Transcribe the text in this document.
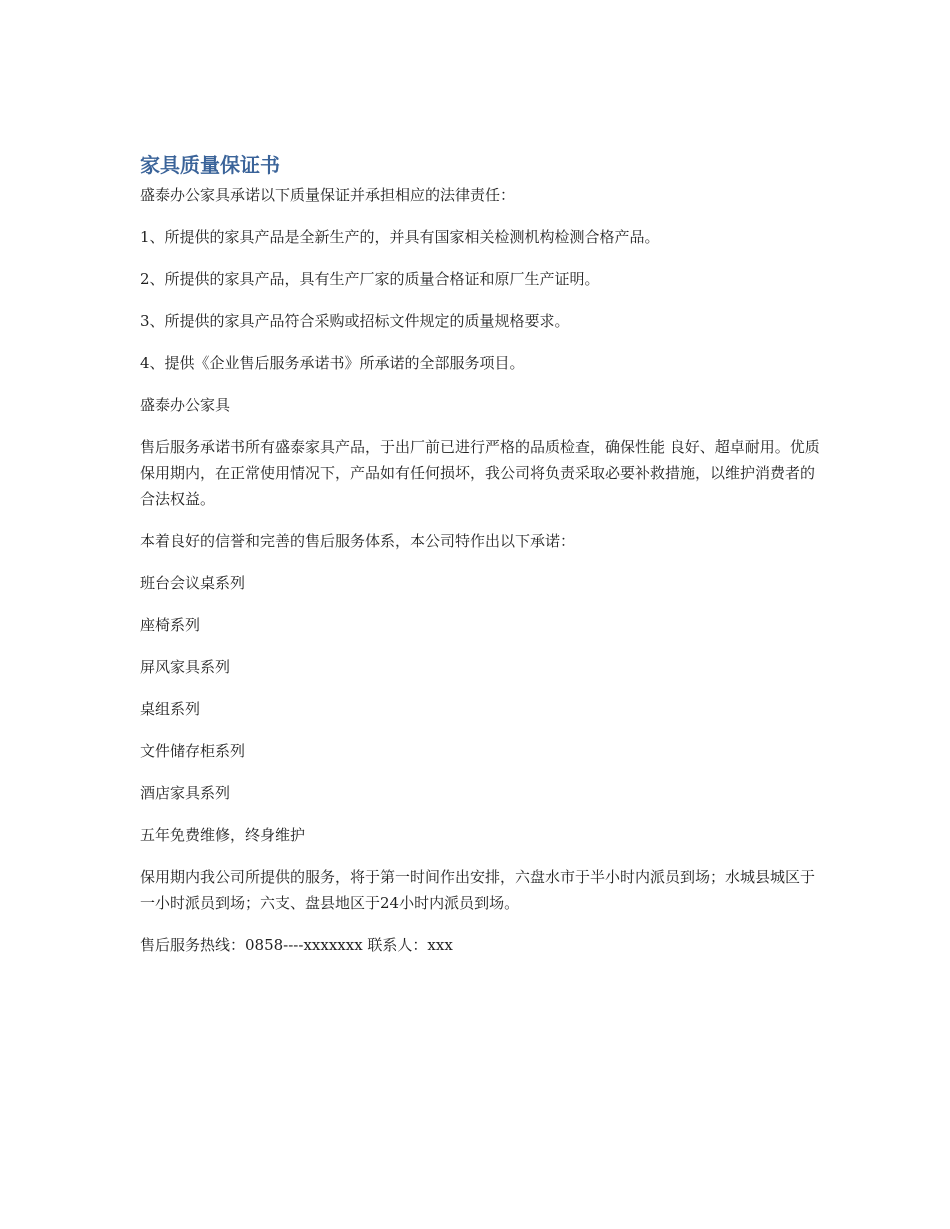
家具质量保证书

盛泰办公家具承诺以下质量保证并承担相应的法律责任：

1、所提供的家具产品是全新生产的，并具有国家相关检测机构检测合格产品。

2、所提供的家具产品，具有生产厂家的质量合格证和原厂生产证明。

3、所提供的家具产品符合采购或招标文件规定的质量规格要求。

4、提供《企业售后服务承诺书》所承诺的全部服务项目。

盛泰办公家具

售后服务承诺书所有盛泰家具产品，于出厂前已进行严格的品质检查，确保性能 良好、超卓耐用。优质保用期内，在正常使用情况下，产品如有任何损坏，我公司将负责采取必要补救措施，以维护消费者的合法权益。

本着良好的信誉和完善的售后服务体系，本公司特作出以下承诺：

班台会议桌系列

座椅系列

屏风家具系列

桌组系列

文件储存柜系列

酒店家具系列

五年免费维修，终身维护

保用期内我公司所提供的服务，将于第一时间作出安排，六盘水市于半小时内派员到场；水城县城区于一小时派员到场；六支、盘县地区于24小时内派员到场。

售后服务热线：0858----xxxxxxx 联系人：xxx
